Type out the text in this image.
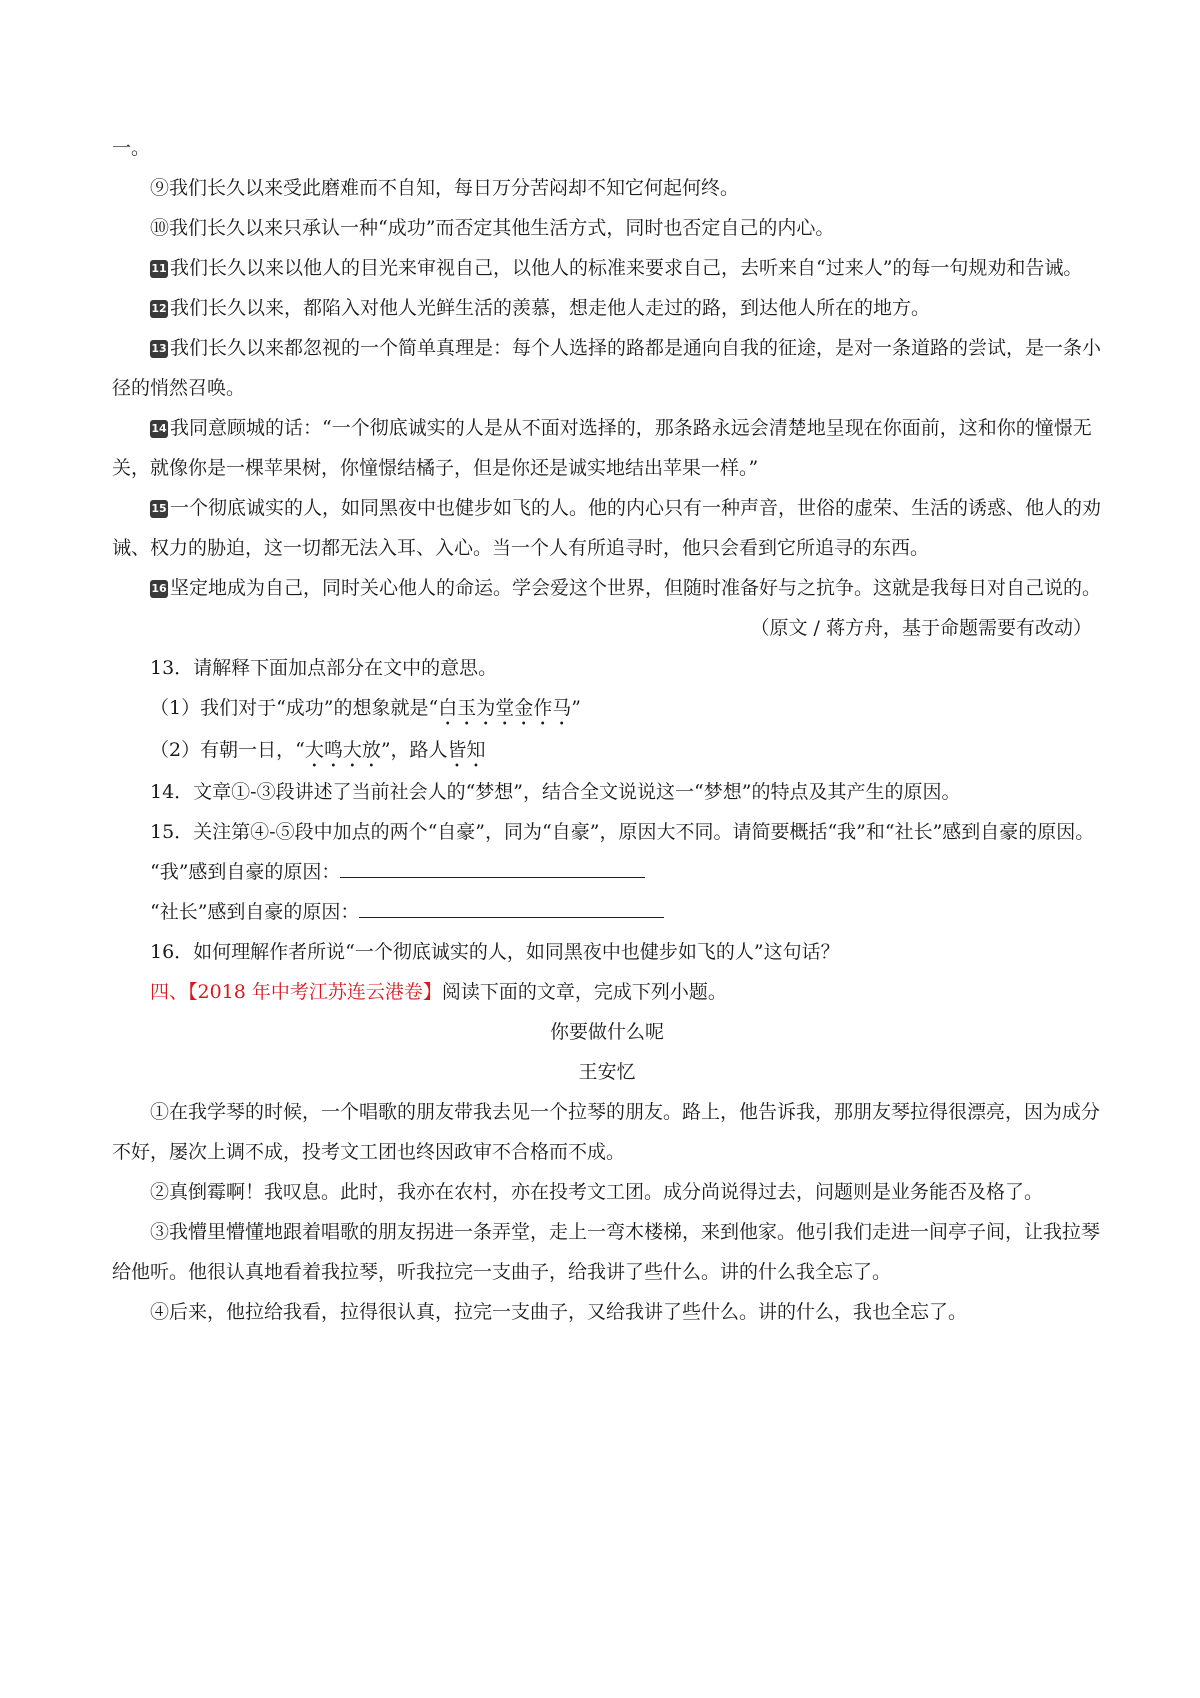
一。

⑨我们长久以来受此磨难而不自知，每日万分苦闷却不知它何起何终。

⑩我们长久以来只承认一种“成功”而否定其他生活方式，同时也否定自己的内心。

11 我们长久以来以他人的目光来审视自己，以他人的标准来要求自己，去听来自“过来人”的每一句规劝和告诫。

12 我们长久以来，都陷入对他人光鲜生活的羡慕，想走他人走过的路，到达他人所在的地方。

13 我们长久以来都忽视的一个简单真理是：每个人选择的路都是通向自我的征途，是对一条道路的尝试，是一条小径的悄然召唤。

14 我同意顾城的话：“一个彻底诚实的人是从不面对选择的，那条路永远会清楚地呈现在你面前，这和你的憧憬无关，就像你是一棵苹果树，你憧憬结橘子，但是你还是诚实地结出苹果一样。”

15 一个彻底诚实的人，如同黑夜中也健步如飞的人。他的内心只有一种声音，世俗的虚荣、生活的诱惑、他人的劝诫、权力的胁迫，这一切都无法入耳、入心。当一个人有所追寻时，他只会看到它所追寻的东西。

16 坚定地成为自己，同时关心他人的命运。学会爱这个世界，但随时准备好与之抗争。这就是我每日对自己说的。

（原文 / 蒋方舟，基于命题需要有改动）

13．请解释下面加点部分在文中的意思。

（1）我们对于“成功”的想象就是“白玉为堂金作马”

（2）有朝一日，“大鸣大放”，路人皆知

14．文章①-③段讲述了当前社会人的“梦想”，结合全文说说这一“梦想”的特点及其产生的原因。

15．关注第④-⑤段中加点的两个“自豪”，同为“自豪”，原因大不同。请简要概括“我”和“社长”感到自豪的原因。

“我”感到自豪的原因：

“社长”感到自豪的原因：

16．如何理解作者所说“一个彻底诚实的人，如同黑夜中也健步如飞的人”这句话？

四、【2018 年中考江苏连云港卷】阅读下面的文章，完成下列小题。

你要做什么呢

王安忆

①在我学琴的时候，一个唱歌的朋友带我去见一个拉琴的朋友。路上，他告诉我，那朋友琴拉得很漂亮，因为成分不好，屡次上调不成，投考文工团也终因政审不合格而不成。

②真倒霉啊！我叹息。此时，我亦在农村，亦在投考文工团。成分尚说得过去，问题则是业务能否及格了。

③我懵里懵懂地跟着唱歌的朋友拐进一条弄堂，走上一弯木楼梯，来到他家。他引我们走进一间亭子间，让我拉琴给他听。他很认真地看着我拉琴，听我拉完一支曲子，给我讲了些什么。讲的什么我全忘了。

④后来，他拉给我看，拉得很认真，拉完一支曲子，又给我讲了些什么。讲的什么，我也全忘了。
